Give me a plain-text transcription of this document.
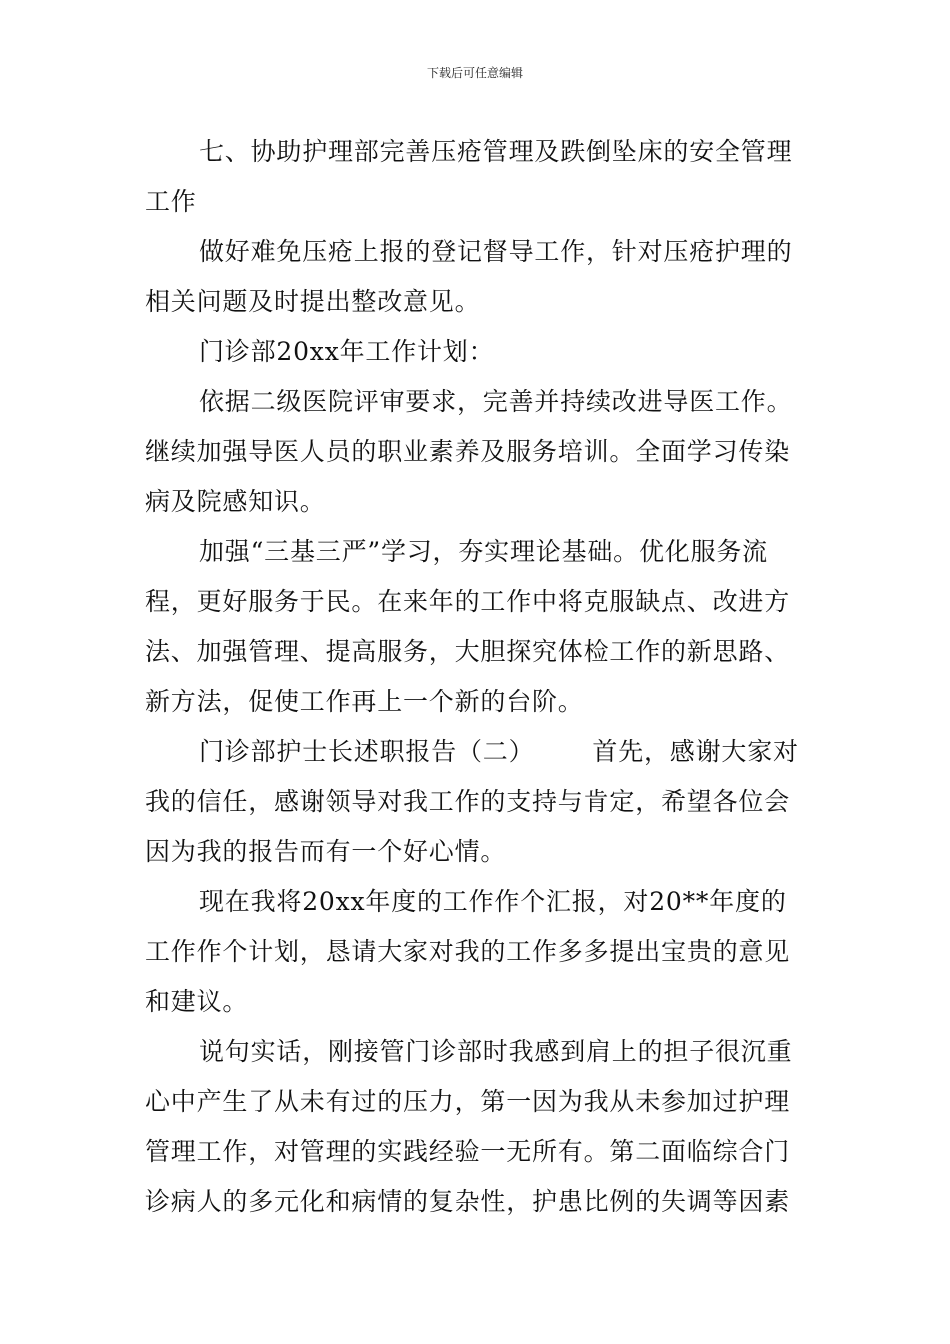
下载后可任意编辑

七、协助护理部完善压疮管理及跌倒坠床的安全管理工作

做好难免压疮上报的登记督导工作，针对压疮护理的相关问题及时提出整改意见。

门诊部20xx年工作计划：

依据二级医院评审要求，完善并持续改进导医工作。继续加强导医人员的职业素养及服务培训。全面学习传染病及院感知识。

加强“三基三严”学习，夯实理论基础。优化服务流程，更好服务于民。在来年的工作中将克服缺点、改进方法、加强管理、提高服务，大胆探究体检工作的新思路、新方法，促使工作再上一个新的台阶。

门诊部护士长述职报告（二） 首先，感谢大家对我的信任，感谢领导对我工作的支持与肯定，希望各位会因为我的报告而有一个好心情。

现在我将20xx年度的工作作个汇报，对20**年度的工作作个计划，恳请大家对我的工作多多提出宝贵的意见和建议。

说句实话，刚接管门诊部时我感到肩上的担子很沉重心中产生了从未有过的压力，第一因为我从未参加过护理管理工作，对管理的实践经验一无所有。第二面临综合门诊病人的多元化和病情的复杂性，护患比例的失调等因素
